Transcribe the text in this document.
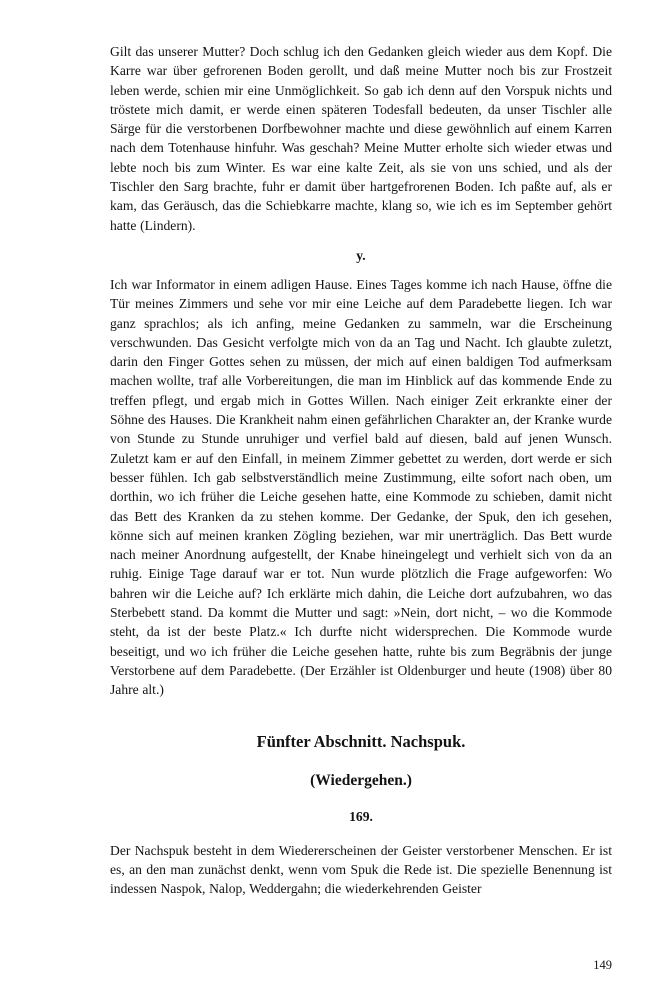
Gilt das unserer Mutter? Doch schlug ich den Gedanken gleich wieder aus dem Kopf. Die Karre war über gefrorenen Boden gerollt, und daß meine Mutter noch bis zur Frostzeit leben werde, schien mir eine Unmöglichkeit. So gab ich denn auf den Vorspuk nichts und tröstete mich damit, er werde einen späteren Todesfall bedeuten, da unser Tischler alle Särge für die verstorbenen Dorfbewohner machte und diese gewöhnlich auf einem Karren nach dem Totenhause hinfuhr. Was geschah? Meine Mutter erholte sich wieder etwas und lebte noch bis zum Winter. Es war eine kalte Zeit, als sie von uns schied, und als der Tischler den Sarg brachte, fuhr er damit über hartgefrorenen Boden. Ich paßte auf, als er kam, das Geräusch, das die Schiebkarre machte, klang so, wie ich es im September gehört hatte (Lindern).

y.

Ich war Informator in einem adligen Hause. Eines Tages komme ich nach Hause, öffne die Tür meines Zimmers und sehe vor mir eine Leiche auf dem Paradebette liegen. Ich war ganz sprachlos; als ich anfing, meine Gedanken zu sammeln, war die Erscheinung verschwunden. Das Gesicht verfolgte mich von da an Tag und Nacht. Ich glaubte zuletzt, darin den Finger Gottes sehen zu müssen, der mich auf einen baldigen Tod aufmerksam machen wollte, traf alle Vorbereitungen, die man im Hinblick auf das kommende Ende zu treffen pflegt, und ergab mich in Gottes Willen. Nach einiger Zeit erkrankte einer der Söhne des Hauses. Die Krankheit nahm einen gefährlichen Charakter an, der Kranke wurde von Stunde zu Stunde unruhiger und verfiel bald auf diesen, bald auf jenen Wunsch. Zuletzt kam er auf den Einfall, in meinem Zimmer gebettet zu werden, dort werde er sich besser fühlen. Ich gab selbstverständlich meine Zustimmung, eilte sofort nach oben, um dorthin, wo ich früher die Leiche gesehen hatte, eine Kommode zu schieben, damit nicht das Bett des Kranken da zu stehen komme. Der Gedanke, der Spuk, den ich gesehen, könne sich auf meinen kranken Zögling beziehen, war mir unerträglich. Das Bett wurde nach meiner Anordnung aufgestellt, der Knabe hineingelegt und verhielt sich von da an ruhig. Einige Tage darauf war er tot. Nun wurde plötzlich die Frage aufgeworfen: Wo bahren wir die Leiche auf? Ich erklärte mich dahin, die Leiche dort aufzubahren, wo das Sterbebett stand. Da kommt die Mutter und sagt: »Nein, dort nicht, – wo die Kommode steht, da ist der beste Platz.« Ich durfte nicht widersprechen. Die Kommode wurde beseitigt, und wo ich früher die Leiche gesehen hatte, ruhte bis zum Begräbnis der junge Verstorbene auf dem Paradebette. (Der Erzähler ist Oldenburger und heute (1908) über 80 Jahre alt.)

Fünfter Abschnitt. Nachspuk.
(Wiedergehen.)

169.

Der Nachspuk besteht in dem Wiedererscheinen der Geister verstorbener Menschen. Er ist es, an den man zunächst denkt, wenn vom Spuk die Rede ist. Die spezielle Benennung ist indessen Naspok, Nalop, Weddergahn; die wiederkehrenden Geister

149
